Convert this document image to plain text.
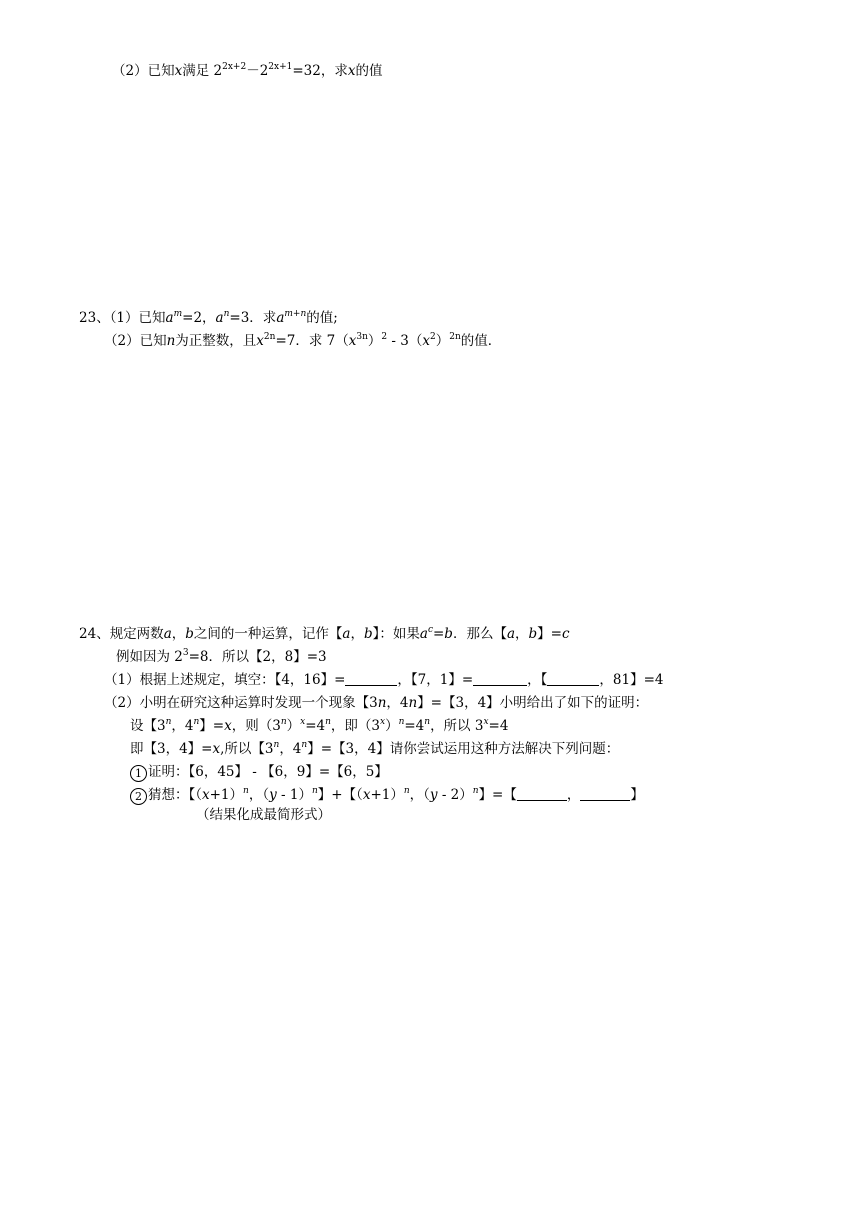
（2）已知x满足 $2^{2x+2}-2^{2x+1}=32$，求x的值
23、（1）已知$a^m=2$，$a^n=3$．求$a^{m+n}$的值;
（2）已知n为正整数，且$x^{2n}=7$．求 $7(x^{3n})^2 - 3(x^2)^{2n}$的值．
24、规定两数a，b之间的一种运算，记作【a，b】：如果$a^c=b$．那么【a，b】=c
例如因为 $2^3=8$．所以【2，8】=3
（1）根据上述规定，填空：【4，16】=	，【7，1】=	，【	，81】=4
（2）小明在研究这种运算时发现一个现象【3n，4n】=【3，4】小明给出了如下的证明：
设【3$^n$，$4^n$】=x，则$(3^n)^x=4^n$，即$(3^x)^n=4^n$，所以 $3^x=4$
即【3，4】=x,所以【3$^n$，$4^n$】=【3，4】请你尝试运用这种方法解决下列问题：
1 证明：【6，45】 - 【6，9】=【6，5】
2 猜想：【$(x+1)^n$，（y - 1）$^n$】+【$(x+1)^n$，（y - 2）$^n$】=【	，	】
（结果化成最简形式）
